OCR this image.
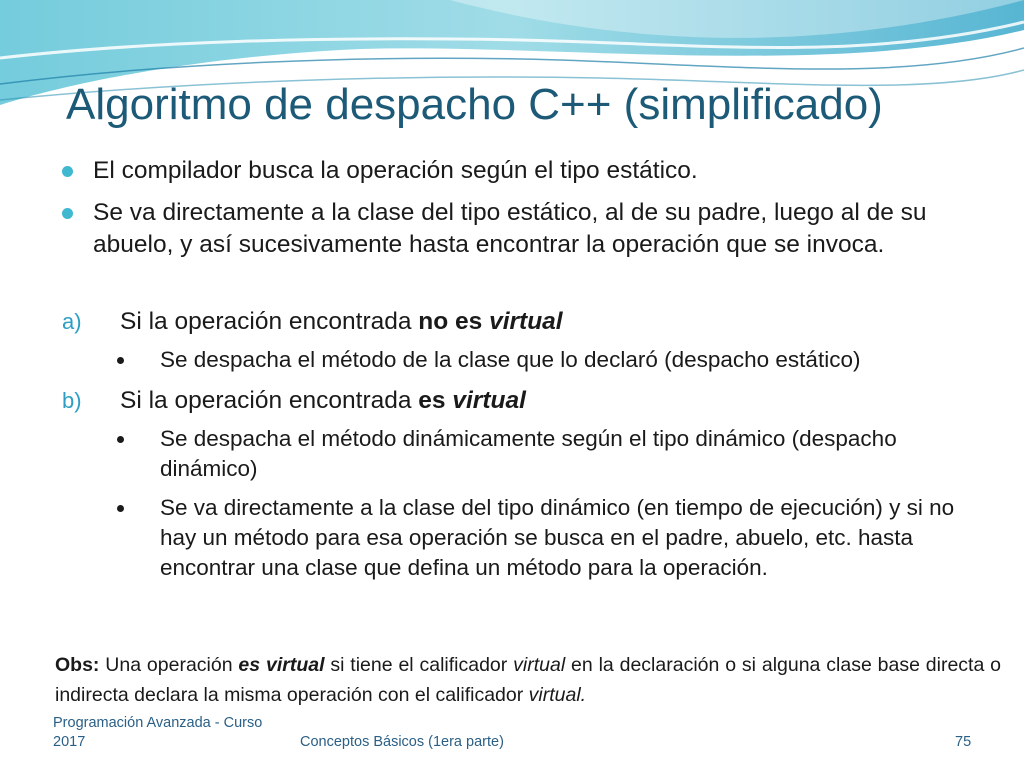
Algoritmo de despacho C++ (simplificado)
El compilador busca la operación según el tipo estático.
Se va directamente a la clase del tipo estático, al de su padre, luego al de su abuelo, y así sucesivamente hasta encontrar la operación que se invoca.
a) Si la operación encontrada no es virtual
Se despacha el método de la clase que lo declaró (despacho estático)
b) Si la operación encontrada es virtual
Se despacha el método dinámicamente según el tipo dinámico (despacho dinámico)
Se va directamente a la clase del tipo dinámico (en tiempo de ejecución) y si no hay un método para esa operación se busca en el padre, abuelo, etc. hasta encontrar una clase que defina un método para la operación.

Obs: Una operación es virtual si tiene el calificador virtual en la declaración o si alguna clase base directa o indirecta declara la misma operación con el calificador virtual.

Programación Avanzada - Curso
2017	Conceptos Básicos (1era parte)	75
